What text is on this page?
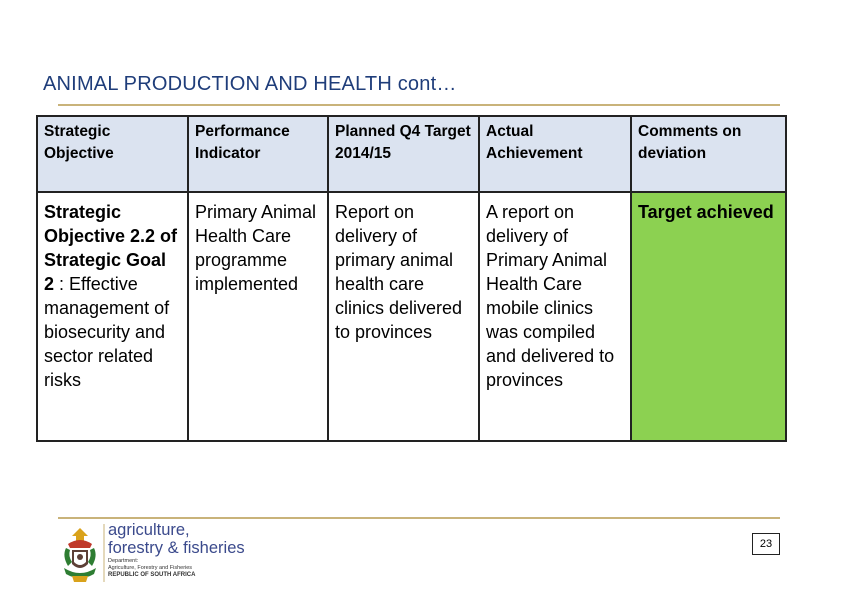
ANIMAL PRODUCTION AND HEALTH cont…
Strategic Objective	Performance Indicator	Planned Q4 Target 2014/15	Actual Achievement	Comments on deviation
Strategic Objective 2.2 of Strategic Goal 2 : Effective management of biosecurity and sector related risks	Primary Animal Health Care programme implemented	Report on delivery of primary animal health care clinics delivered to provinces	A report on delivery of Primary Animal Health Care mobile clinics was compiled and delivered to provinces	Target achieved
agriculture,
forestry & fisheries
Department:
Agriculture, Forestry and Fisheries
REPUBLIC OF SOUTH AFRICA
23
